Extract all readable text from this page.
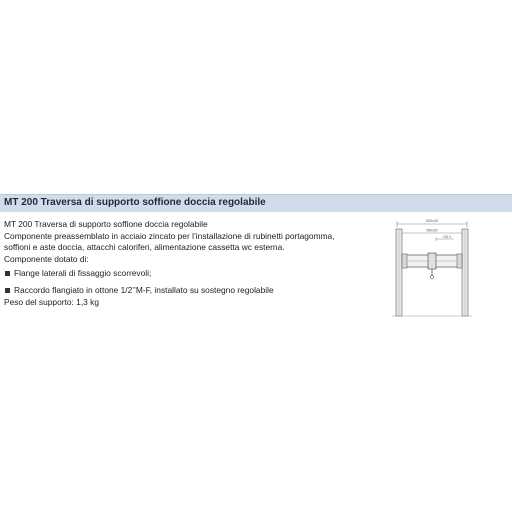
MT 200 Traversa di supporto soffione doccia regolabile
MT 200 Traversa di supporto soffione doccia regolabile
Componente preassemblato in acciaio zincato per l’installazione di rubinetti portagomma,
soffioni e aste doccia, attacchi caloriferi, alimentazione cassetta wc esterna.
Componente dotato di:
Flange laterali di fissaggio scorrevoli;
Raccordo flangiato in ottone 1/2’’M-F, installato su sostegno regolabile
Peso del supporto: 1,3 kg
600x20
590x20
100 3
